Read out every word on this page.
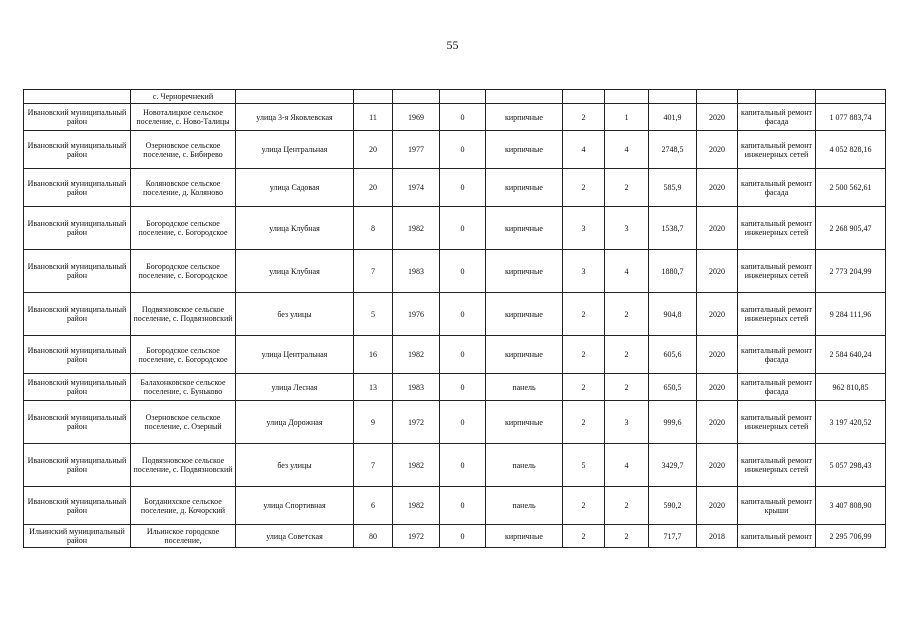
55
	с. Черноречнекий											
Ивановский муниципальный район	Новоталицкое сельское поселение, с. Ново-Талицы	улица 3-я Яковлевская	11	1969	0	кирпичные	2	1	401,9	2020	капитальный ремонт фасада	1 077 883,74
Ивановский муниципальный район	Озерновское сельское поселение, с. Бибирево	улица Центральная	20	1977	0	кирпичные	4	4	2748,5	2020	капитальный ремонт инженерных сетей	4 052 828,16
Ивановский муниципальный район	Коляновское сельское поселение, д. Коляново	улица Садовая	20	1974	0	кирпичные	2	2	585,9	2020	капитальный ремонт фасада	2 500 562,61
Ивановский муниципальный район	Богородское сельское поселение, с. Богородское	улица Клубная	8	1982	0	кирпичные	3	3	1538,7	2020	капитальный ремонт инженерных сетей	2 268 905,47
Ивановский муниципальный район	Богородское сельское поселение, с. Богородское	улица Клубная	7	1983	0	кирпичные	3	4	1880,7	2020	капитальный ремонт инженерных сетей	2 773 204,99
Ивановский муниципальный район	Подвязновское сельское поселение, с. Подвязновский	без улицы	5	1976	0	кирпичные	2	2	904,8	2020	капитальный ремонт инженерных сетей	9 284 111,96
Ивановский муниципальный район	Богородское сельское поселение, с. Богородское	улица Центральная	16	1982	0	кирпичные	2	2	605,6	2020	капитальный ремонт фасада	2 584 640,24
Ивановский муниципальный район	Балахонковское сельское поселение, с. Буньково	улица Лесная	13	1983	0	панель	2	2	650,5	2020	капитальный ремонт фасада	962 810,85
Ивановский муниципальный район	Озерновское сельское поселение, с. Озерный	улица Дорожная	9	1972	0	кирпичные	2	3	999,6	2020	капитальный ремонт инженерных сетей	3 197 420,52
Ивановский муниципальный район	Подвязновское сельское поселение, с. Подвязновский	без улицы	7	1982	0	панель	5	4	3429,7	2020	капитальный ремонт инженерных сетей	5 057 298,43
Ивановский муниципальный район	Богданихское сельское поселение, д. Кочорский	улица Спортивная	6	1982	0	панель	2	2	590,2	2020	капитальный ремонт крыши	3 407 808,90
Ильинский муниципальный район	Ильинское городское поселение,	улица Советская	80	1972	0	кирпичные	2	2	717,7	2018	капитальный ремонт	2 295 706,99
